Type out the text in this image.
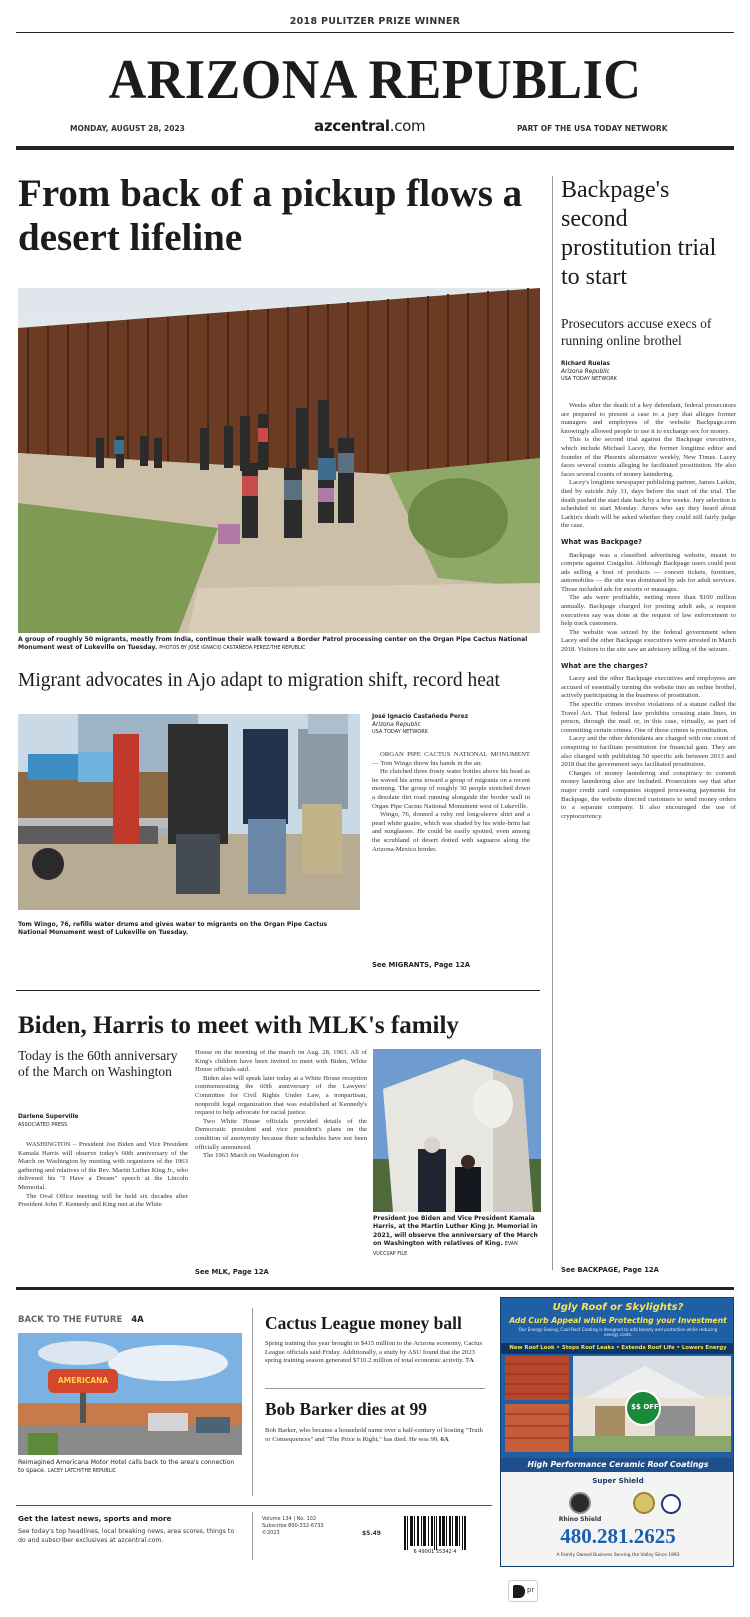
2018 PULITZER PRIZE WINNER
ARIZONA REPUBLIC
MONDAY, AUGUST 28, 2023	azcentral.com	PART OF THE USA TODAY NETWORK
From back of a pickup flows a desert lifeline
A group of roughly 50 migrants, mostly from India, continue their walk toward a Border Patrol processing center on the Organ Pipe Cactus National Monument west of Lukeville on Tuesday. PHOTOS BY JOSÉ IGNACIO CASTAÑEDA PEREZ/THE REPUBLIC
Migrant advocates in Ajo adapt to migration shift, record heat
Tom Wingo, 76, refills water drums and gives water to migrants on the Organ Pipe Cactus National Monument west of Lukeville on Tuesday.
José Ignacio Castañeda Perez
Arizona Republic
USA TODAY NETWORK

ORGAN PIPE CACTUS NATIONAL MONUMENT — Tom Wingo threw his hands in the air.

He clutched three frosty water bottles above his head as he waved his arms toward a group of migrants on a recent morning. The group of roughly 30 people stretched down a desolate dirt road running alongside the border wall in Organ Pipe Cactus National Monument west of Lukeville.

Wingo, 76, donned a ruby red long-sleeve shirt and a pearl white guaire, which was shaded by his wide-brim hat and sunglasses. He could be easily spotted, even among the scrubland of desert dotted with saguaros along the Arizona-Mexico border.

See MIGRANTS, Page 12A
Backpage's second prostitution trial to start
Prosecutors accuse execs of running online brothel
Richard Ruelas
Arizona Republic
USA TODAY NETWORK

Weeks after the death of a key defendant, federal prosecutors are prepared to present a case to a jury that alleges former managers and employees of the website Backpage.com knowingly allowed people to use it to exchange sex for money.

This is the second trial against the Backpage executives, which include Michael Lacey, the former longtime editor and founder of the Phoenix alternative weekly, New Times. Lacey faces several counts alleging he facilitated prostitution. He also faces several counts of money laundering.

Lacey's longtime newspaper publishing partner, James Larkin, died by suicide July 31, days before the start of the trial. The death pushed the start date back by a few weeks. Jury selection is scheduled to start Monday. Jurors who say they heard about Larkin's death will be asked whether they could still fairly judge the case.

What was Backpage?

Backpage was a classified advertising website, meant to compete against Craigslist. Although Backpage users could post ads selling a host of products — concert tickets, furniture, automobiles — the site was dominated by ads for adult services. Those included ads for escorts or massages.

The ads were profitable, netting more than $100 million annually. Backpage charged for posting adult ads, a request executives say was done at the request of law enforcement to help track customers.

The website was seized by the federal government when Lacey and the other Backpage executives were arrested in March 2018. Visitors to the site saw an advisory telling of the seizure.

What are the charges?

Lacey and the other Backpage executives and employees are accused of essentially turning the website into an online brothel, actively participating in the business of prostitution.

The specific crimes involve violations of a statute called the Travel Act. That federal law prohibits crossing state lines, in person, through the mail or, in this case, virtually, as part of committing certain crimes. One of those crimes is prostitution.

Lacey and the other defendants are charged with one count of conspiring to facilitate prostitution for financial gain. They are also charged with publishing 50 specific ads between 2013 and 2018 that the government says facilitated prostitution.

Charges of money laundering and conspiracy to commit money laundering also are included. Prosecutors say that after major credit card companies stopped processing payments for Backpage, the website directed customers to send money orders to a separate company. It also encouraged the use of cryptocurrency.

See BACKPAGE, Page 12A
Biden, Harris to meet with MLK's family
Today is the 60th anniversary of the March on Washington
Darlene Superville
ASSOCIATED PRESS

WASHINGTON – President Joe Biden and Vice President Kamala Harris will observe today's 60th anniversary of the March on Washington by meeting with organizers of the 1963 gathering and relatives of the Rev. Martin Luther King Jr., who delivered his "I Have a Dream" speech at the Lincoln Memorial.

The Oval Office meeting will be held six decades after President John F. Kennedy and King met at the White

House on the morning of the march on Aug. 28, 1963. All of King's children have been invited to meet with Biden, White House officials said.

Biden also will speak later today at a White House reception commemorating the 60th anniversary of the Lawyers' Committee for Civil Rights Under Law, a nonpartisan, nonprofit legal organization that was established at Kennedy's request to help advocate for racial justice.

Two White House officials provided details of the Democratic president and vice president's plans on the condition of anonymity because their schedules have not been officially announced.

The 1963 March on Washington for

See MLK, Page 12A
President Joe Biden and Vice President Kamala Harris, at the Martin Luther King Jr. Memorial in 2021, will observe the anniversary of the March on Washington with relatives of King. EVAN VUCCI/AP FILE
BACK TO THE FUTURE 4A
AMERICANA
Reimagined Americana Motor Hotel calls back to the area's connection to space. LACEY LATCH/THE REPUBLIC
Cactus League money ball
Spring training this year brought in $415 million to the Arizona economy, Cactus League officials said Friday. Additionally, a study by ASU found that the 2023 spring training season generated $710.2 million of total economic activity. 7A
Bob Barker dies at 99
Bob Barker, who became a household name over a half-century of hosting "Truth or Consequences" and "The Price is Right," has died. He was 99. 6A
Ugly Roof or Skylights?
Add Curb Appeal while Protecting your Investment
Our Energy Saving, Cool Roof Coating is designed to add beauty and protection while reducing energy costs.
New Roof Look • Stops Roof Leaks • Extends Roof Life • Lowers Energy
$$ OFF
High Performance Ceramic Roof Coatings
Super Shield
Rhino Shield
480.281.2625
A Family Owned Business Serving the Valley Since 1993
Get the latest news, sports and more
See today's top headlines, local breaking news, area scores, things to do and subscriber exclusives at azcentral.com.
Volume 134 | No. 102
Subscribe 800-332-6733
©2023	$5.49
6 49001 55342 4
pr
